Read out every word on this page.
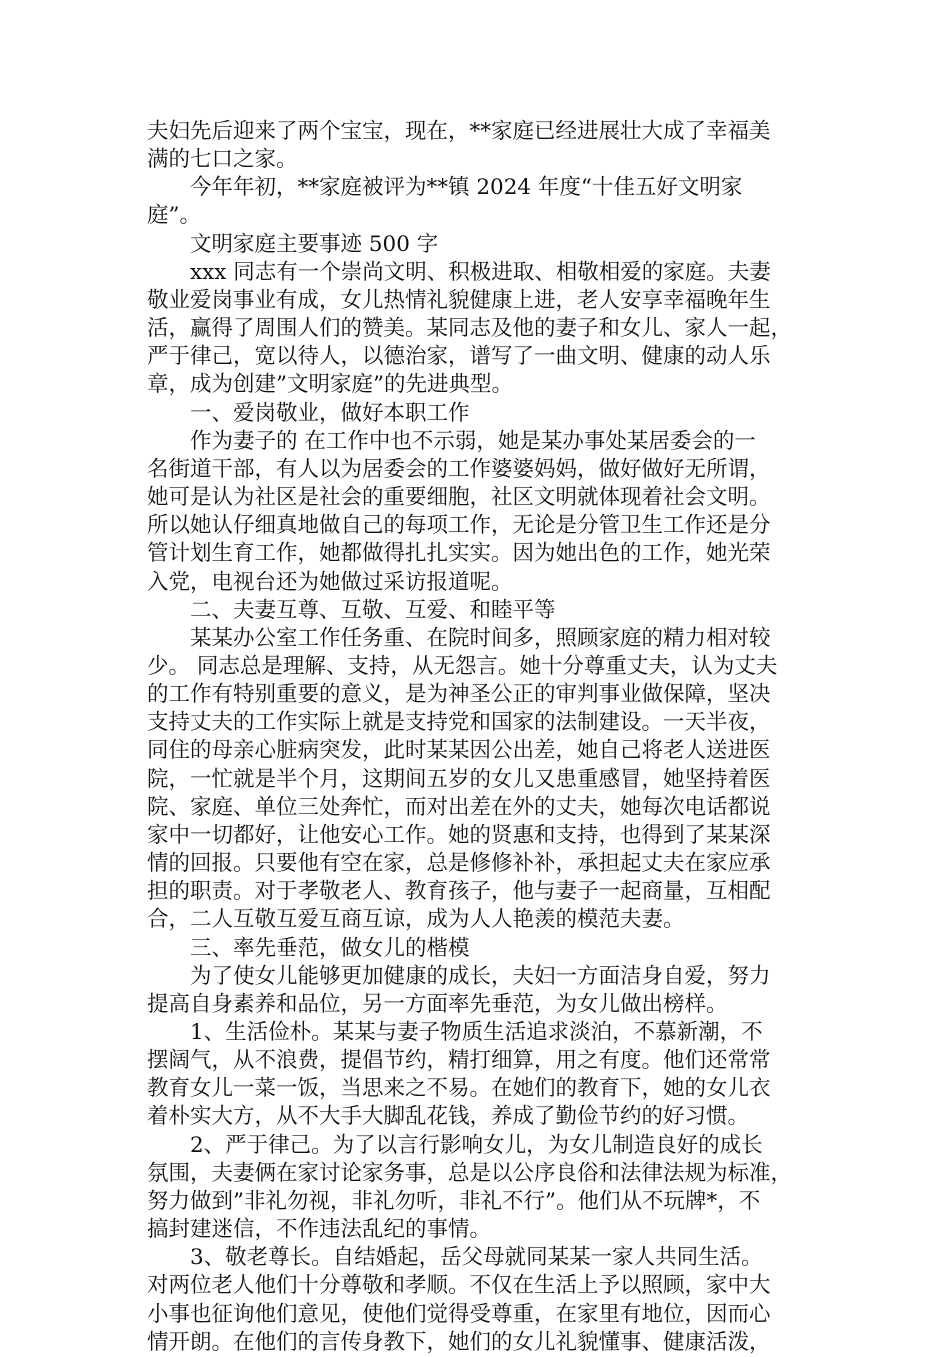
夫妇先后迎来了两个宝宝，现在，**家庭已经进展壮大成了幸福美
满的七口之家。
　　今年年初，**家庭被评为**镇 2024 年度“十佳五好文明家
庭”。
　　文明家庭主要事迹 500 字
　　xxx 同志有一个崇尚文明、积极进取、相敬相爱的家庭。夫妻
敬业爱岗事业有成，女儿热情礼貌健康上进，老人安享幸福晚年生
活，赢得了周围人们的赞美。某同志及他的妻子和女儿、家人一起，
严于律己，宽以待人，以德治家，谱写了一曲文明、健康的动人乐
章，成为创建”文明家庭”的先进典型。
　　一、爱岗敬业，做好本职工作
　　作为妻子的 在工作中也不示弱，她是某办事处某居委会的一
名街道干部，有人以为居委会的工作婆婆妈妈，做好做好无所谓，
她可是认为社区是社会的重要细胞，社区文明就体现着社会文明。
所以她认仔细真地做自己的每项工作，无论是分管卫生工作还是分
管计划生育工作，她都做得扎扎实实。因为她出色的工作，她光荣
入党，电视台还为她做过采访报道呢。
　　二、夫妻互尊、互敬、互爱、和睦平等
　　某某办公室工作任务重、在院时间多，照顾家庭的精力相对较
少。 同志总是理解、支持，从无怨言。她十分尊重丈夫，认为丈夫
的工作有特别重要的意义，是为神圣公正的审判事业做保障，坚决
支持丈夫的工作实际上就是支持党和国家的法制建设。一天半夜，
同住的母亲心脏病突发，此时某某因公出差，她自己将老人送进医
院，一忙就是半个月，这期间五岁的女儿又患重感冒，她坚持着医
院、家庭、单位三处奔忙，而对出差在外的丈夫，她每次电话都说
家中一切都好，让他安心工作。她的贤惠和支持，也得到了某某深
情的回报。只要他有空在家，总是修修补补，承担起丈夫在家应承
担的职责。对于孝敬老人、教育孩子，他与妻子一起商量，互相配
合，二人互敬互爱互商互谅，成为人人艳羡的模范夫妻。
　　三、率先垂范，做女儿的楷模
　　为了使女儿能够更加健康的成长，夫妇一方面洁身自爱，努力
提高自身素养和品位，另一方面率先垂范，为女儿做出榜样。
　　1、生活俭朴。某某与妻子物质生活追求淡泊，不慕新潮，不
摆阔气，从不浪费，提倡节约，精打细算，用之有度。他们还常常
教育女儿一菜一饭，当思来之不易。在她们的教育下，她的女儿衣
着朴实大方，从不大手大脚乱花钱，养成了勤俭节约的好习惯。
　　2、严于律己。为了以言行影响女儿，为女儿制造良好的成长
氛围，夫妻俩在家讨论家务事，总是以公序良俗和法律法规为标准，
努力做到”非礼勿视，非礼勿听，非礼不行”。他们从不玩牌*，不
搞封建迷信，不作违法乱纪的事情。
　　3、敬老尊长。自结婚起，岳父母就同某某一家人共同生活。
对两位老人他们十分尊敬和孝顺。不仅在生活上予以照顾，家中大
小事也征询他们意见，使他们觉得受尊重，在家里有地位，因而心
情开朗。在他们的言传身教下，她们的女儿礼貌懂事、健康活泼，
